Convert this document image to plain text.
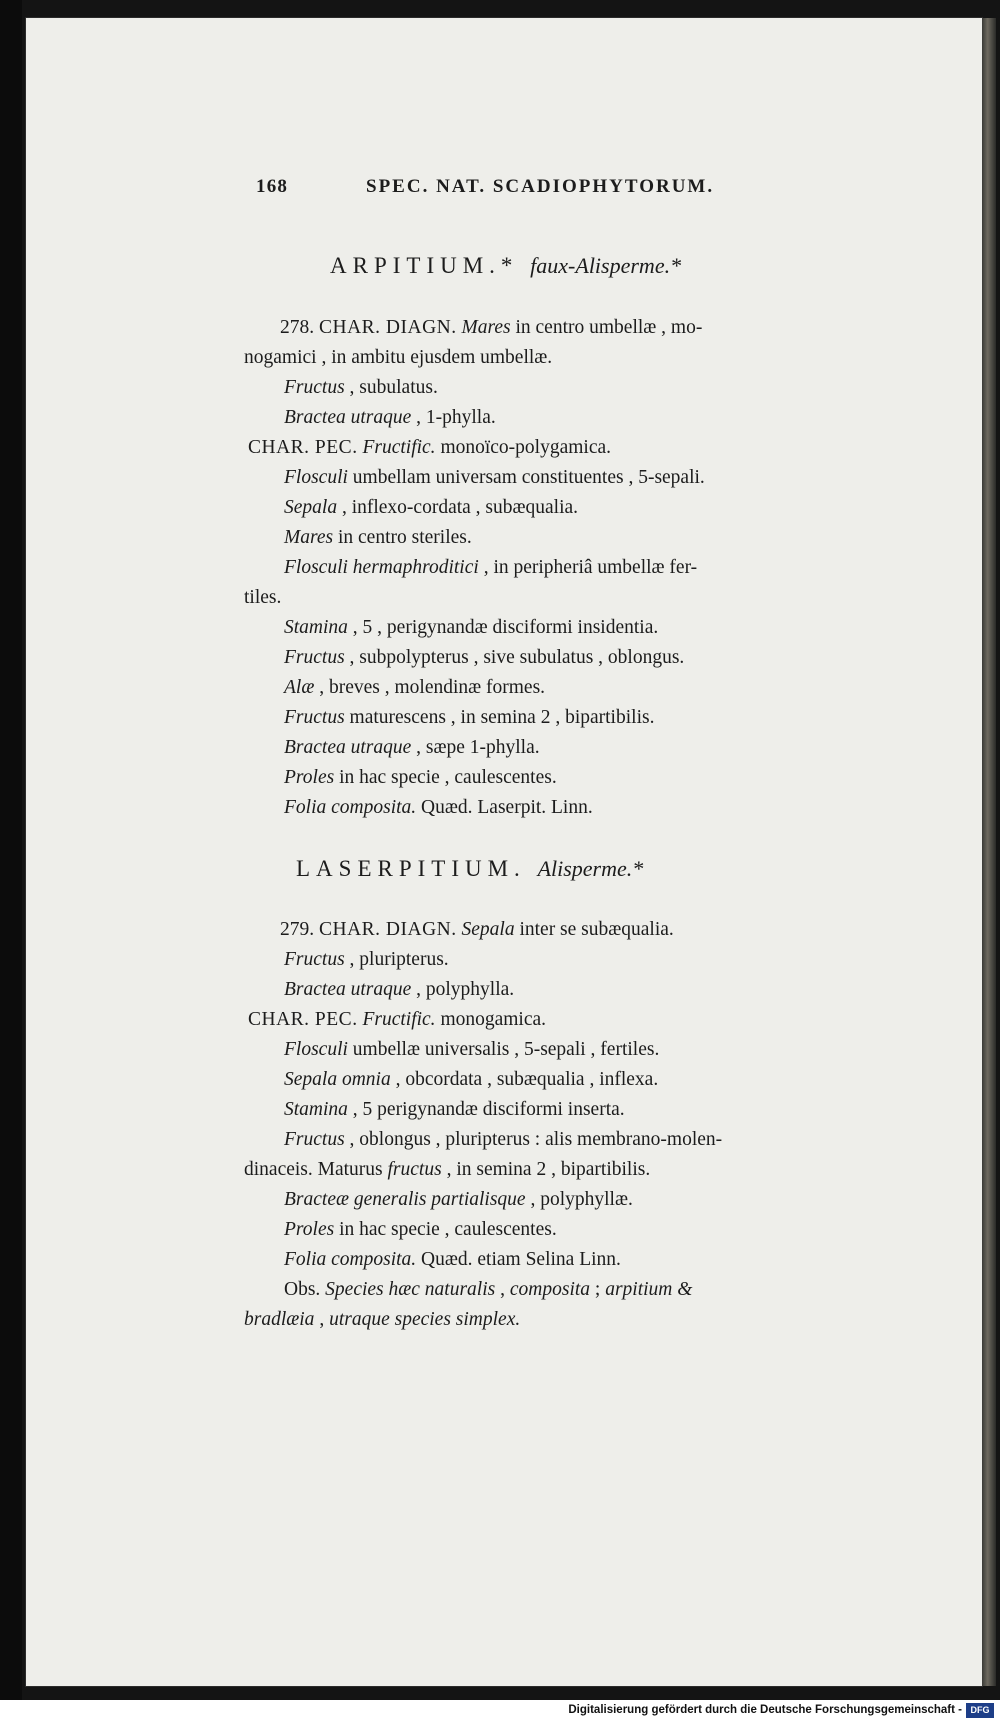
168	SPEC. NAT. SCADIOPHYTORUM.
ARPITIUM.* faux-Alisperme.*
278. CHAR. DIAGN. Mares in centro umbellæ , mo-
nogamici , in ambitu ejusdem umbellæ.
Fructus , subulatus.
Bractea utraque , 1-phylla.
CHAR. PEC. Fructific. monoïco-polygamica.
Flosculi umbellam universam constituentes , 5-sepali.
Sepala , inflexo-cordata , subæqualia.
Mares in centro steriles.
Flosculi hermaphroditici , in peripheriâ umbellæ fer-
tiles.
Stamina , 5 , perigynandæ disciformi insidentia.
Fructus , subpolypterus , sive subulatus , oblongus.
Alæ , breves , molendinæ formes.
Fructus maturescens , in semina 2 , bipartibilis.
Bractea utraque , sæpe 1-phylla.
Proles in hac specie , caulescentes.
Folia composita. Quæd. Laserpit. Linn.
LASERPITIUM. Alisperme.*
279. CHAR. DIAGN. Sepala inter se subæqualia.
Fructus , pluripterus.
Bractea utraque , polyphylla.
CHAR. PEC. Fructific. monogamica.
Flosculi umbellæ universalis , 5-sepali , fertiles.
Sepala omnia , obcordata , subæqualia , inflexa.
Stamina , 5 perigynandæ disciformi inserta.
Fructus , oblongus , pluripterus : alis membrano-molen-
dinaceis. Maturus fructus , in semina 2 , bipartibilis.
Bracteæ generalis partialisque , polyphyllæ.
Proles in hac specie , caulescentes.
Folia composita. Quæd. etiam Selina Linn.
Obs. Species hæc naturalis , composita ; arpitium &
bradlæia , utraque species simplex.
Digitalisierung gefördert durch die Deutsche Forschungsgemeinschaft - DFG
